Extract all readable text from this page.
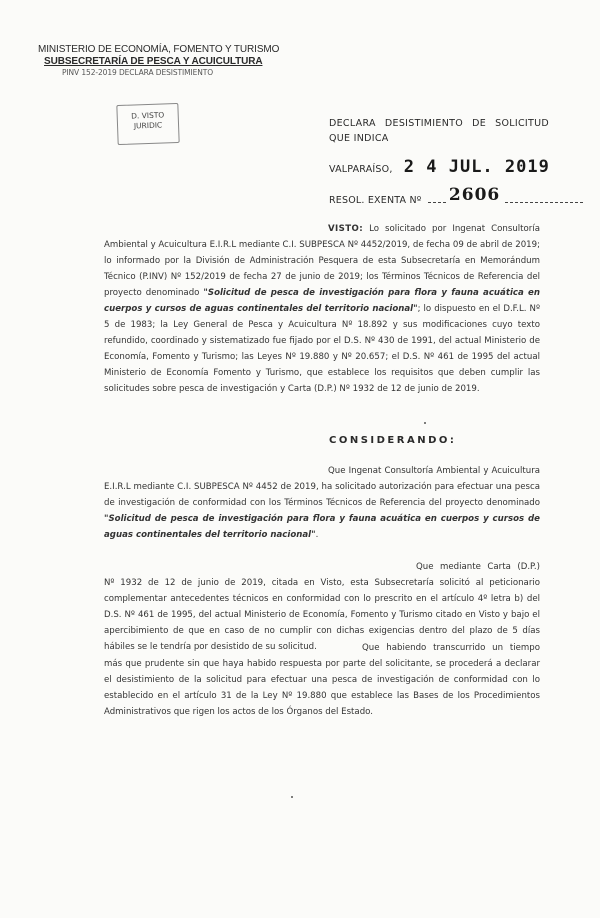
MINISTERIO DE ECONOMÍA, FOMENTO Y TURISMO
SUBSECRETARÍA DE PESCA Y ACUICULTURA
PINV 152-2019 DECLARA DESISTIMIENTO
D. VISTO
JURIDIC	DECLARA DESISTIMIENTO DE SOLICITUD QUE INDICA
VALPARAÍSO, 2 4 JUL. 2019
RESOL. EXENTA Nº 2606
VISTO: Lo solicitado por Ingenat Consultoría Ambiental y Acuicultura E.I.R.L mediante C.I. SUBPESCA Nº 4452/2019, de fecha 09 de abril de 2019; lo informado por la División de Administración Pesquera de esta Subsecretaría en Memorándum Técnico (P.INV) Nº 152/2019 de fecha 27 de junio de 2019; los Términos Técnicos de Referencia del proyecto denominado "Solicitud de pesca de investigación para flora y fauna acuática en cuerpos y cursos de aguas continentales del territorio nacional"; lo dispuesto en el D.F.L. Nº 5 de 1983; la Ley General de Pesca y Acuicultura Nº 18.892 y sus modificaciones cuyo texto refundido, coordinado y sistematizado fue fijado por el D.S. Nº 430 de 1991, del actual Ministerio de Economía, Fomento y Turismo; las Leyes Nº 19.880 y Nº 20.657; el D.S. Nº 461 de 1995 del actual Ministerio de Economía Fomento y Turismo, que establece los requisitos que deben cumplir las solicitudes sobre pesca de investigación y Carta (D.P.) Nº 1932 de 12 de junio de 2019.
CONSIDERANDO:
Que Ingenat Consultoría Ambiental y Acuicultura E.I.R.L mediante C.I. SUBPESCA Nº 4452 de 2019, ha solicitado autorización para efectuar una pesca de investigación de conformidad con los Términos Técnicos de Referencia del proyecto denominado "Solicitud de pesca de investigación para flora y fauna acuática en cuerpos y cursos de aguas continentales del territorio nacional".
Que mediante Carta (D.P.) Nº 1932 de 12 de junio de 2019, citada en Visto, esta Subsecretaría solicitó al peticionario complementar antecedentes técnicos en conformidad con lo prescrito en el artículo 4º letra b) del D.S. Nº 461 de 1995, del actual Ministerio de Economía, Fomento y Turismo citado en Visto y bajo el apercibimiento de que en caso de no cumplir con dichas exigencias dentro del plazo de 5 días hábiles se le tendría por desistido de su solicitud.	Que habiendo transcurrido un tiempo más que prudente sin que haya habido respuesta por parte del solicitante, se procederá a declarar el desistimiento de la solicitud para efectuar una pesca de investigación de conformidad con lo establecido en el artículo 31 de la Ley Nº 19.880 que establece las Bases de los Procedimientos Administrativos que rigen los actos de los Órganos del Estado.
